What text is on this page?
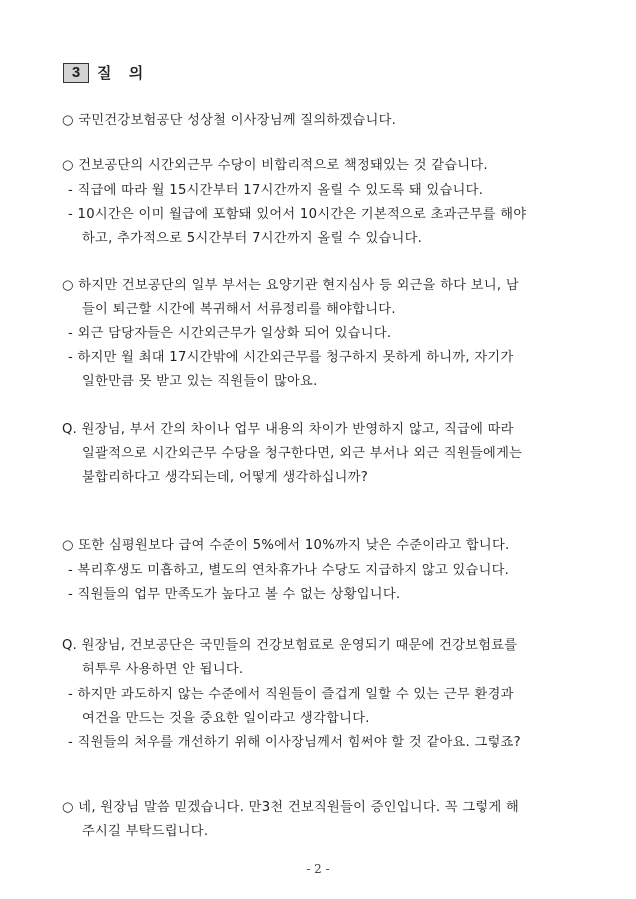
3	질 의
○ 국민건강보험공단 성상철 이사장님께 질의하겠습니다.
○ 건보공단의 시간외근무 수당이 비합리적으로 책정돼있는 것 같습니다.
- 직급에 따라 월 15시간부터 17시간까지 올릴 수 있도록 돼 있습니다.
- 10시간은 이미 월급에 포함돼 있어서 10시간은 기본적으로 초과근무를 해야
하고, 추가적으로 5시간부터 7시간까지 올릴 수 있습니다.
○ 하지만 건보공단의 일부 부서는 요양기관 현지심사 등 외근을 하다 보니, 남
들이 퇴근할 시간에 복귀해서 서류정리를 해야합니다.
- 외근 담당자들은 시간외근무가 일상화 되어 있습니다.
- 하지만 월 최대 17시간밖에 시간외근무를 청구하지 못하게 하니까, 자기가
일한만큼 못 받고 있는 직원들이 많아요.
Q. 원장님, 부서 간의 차이나 업무 내용의 차이가 반영하지 않고, 직급에 따라
일괄적으로 시간외근무 수당을 청구한다면, 외근 부서나 외근 직원들에게는
불합리하다고 생각되는데, 어떻게 생각하십니까?
○ 또한 심평원보다 급여 수준이 5%에서 10%까지 낮은 수준이라고 합니다.
- 복리후생도 미흡하고, 별도의 연차휴가나 수당도 지급하지 않고 있습니다.
- 직원들의 업무 만족도가 높다고 볼 수 없는 상황입니다.
Q. 원장님, 건보공단은 국민들의 건강보험료로 운영되기 때문에 건강보험료를
허투루 사용하면 안 됩니다.
- 하지만 과도하지 않는 수준에서 직원들이 즐겁게 일할 수 있는 근무 환경과
여건을 만드는 것을 중요한 일이라고 생각합니다.
- 직원들의 처우를 개선하기 위해 이사장님께서 힘써야 할 것 같아요. 그렇죠?
○ 네, 원장님 말씀 믿겠습니다. 만3천 건보직원들이 증인입니다. 꼭 그렇게 해
주시길 부탁드립니다.
- 2 -
